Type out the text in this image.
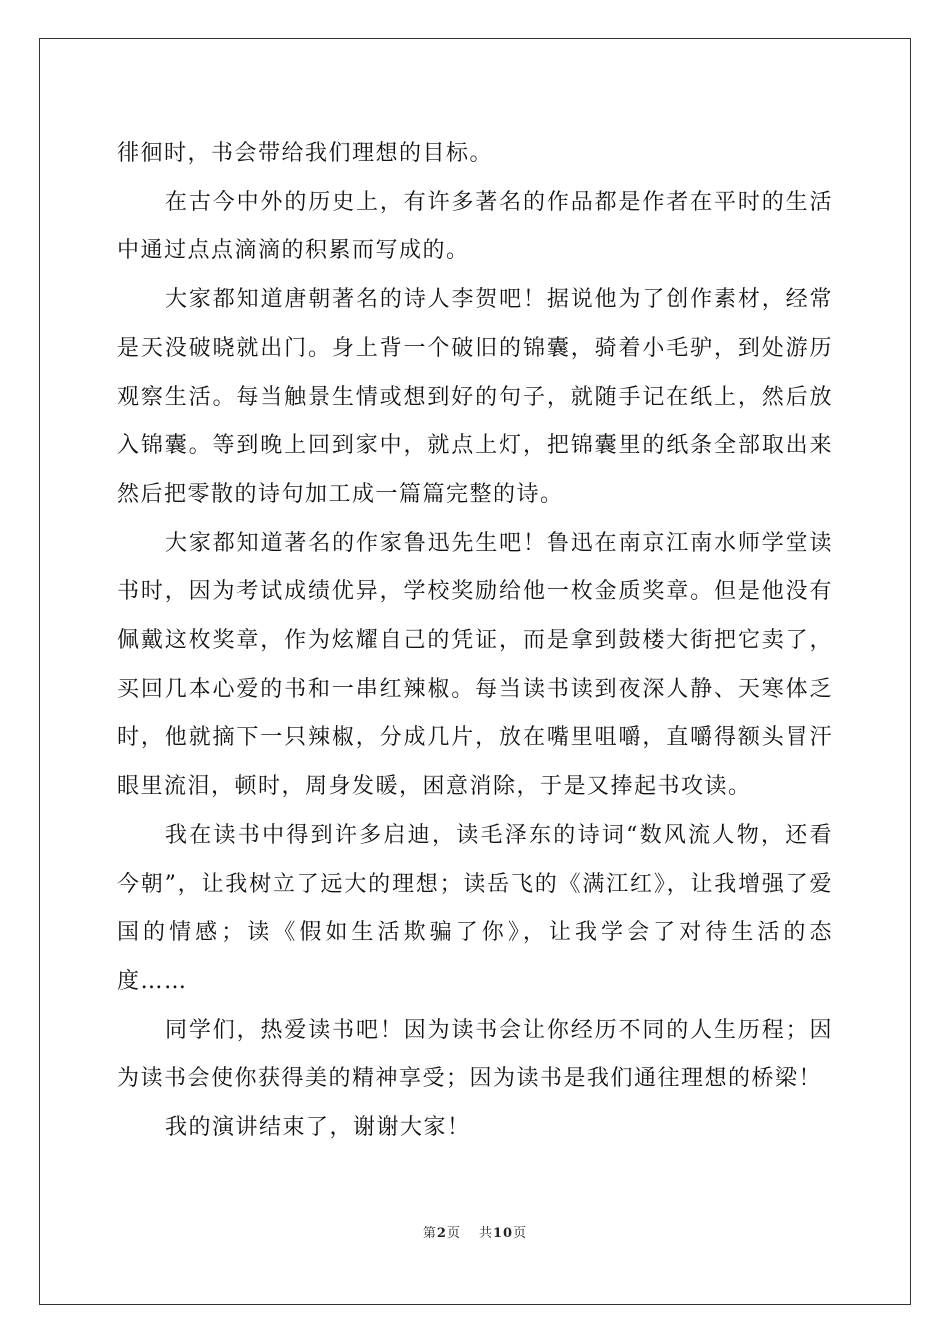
徘徊时，书会带给我们理想的目标。

在古今中外的历史上，有许多著名的作品都是作者在平时的生活中通过点点滴滴的积累而写成的。

大家都知道唐朝著名的诗人李贺吧！据说他为了创作素材，经常是天没破晓就出门。身上背一个破旧的锦囊，骑着小毛驴，到处游历观察生活。每当触景生情或想到好的句子，就随手记在纸上，然后放入锦囊。等到晚上回到家中，就点上灯，把锦囊里的纸条全部取出来然后把零散的诗句加工成一篇篇完整的诗。

大家都知道著名的作家鲁迅先生吧！鲁迅在南京江南水师学堂读书时，因为考试成绩优异，学校奖励给他一枚金质奖章。但是他没有佩戴这枚奖章，作为炫耀自己的凭证，而是拿到鼓楼大街把它卖了，买回几本心爱的书和一串红辣椒。每当读书读到夜深人静、天寒体乏时，他就摘下一只辣椒，分成几片，放在嘴里咀嚼，直嚼得额头冒汗眼里流泪，顿时，周身发暖，困意消除，于是又捧起书攻读。

我在读书中得到许多启迪，读毛泽东的诗词“数风流人物，还看今朝”，让我树立了远大的理想；读岳飞的《满江红》，让我增强了爱国的情感；读《假如生活欺骗了你》，让我学会了对待生活的态度……

同学们，热爱读书吧！因为读书会让你经历不同的人生历程；因为读书会使你获得美的精神享受；因为读书是我们通往理想的桥梁！

我的演讲结束了，谢谢大家！

第2页 共10页
